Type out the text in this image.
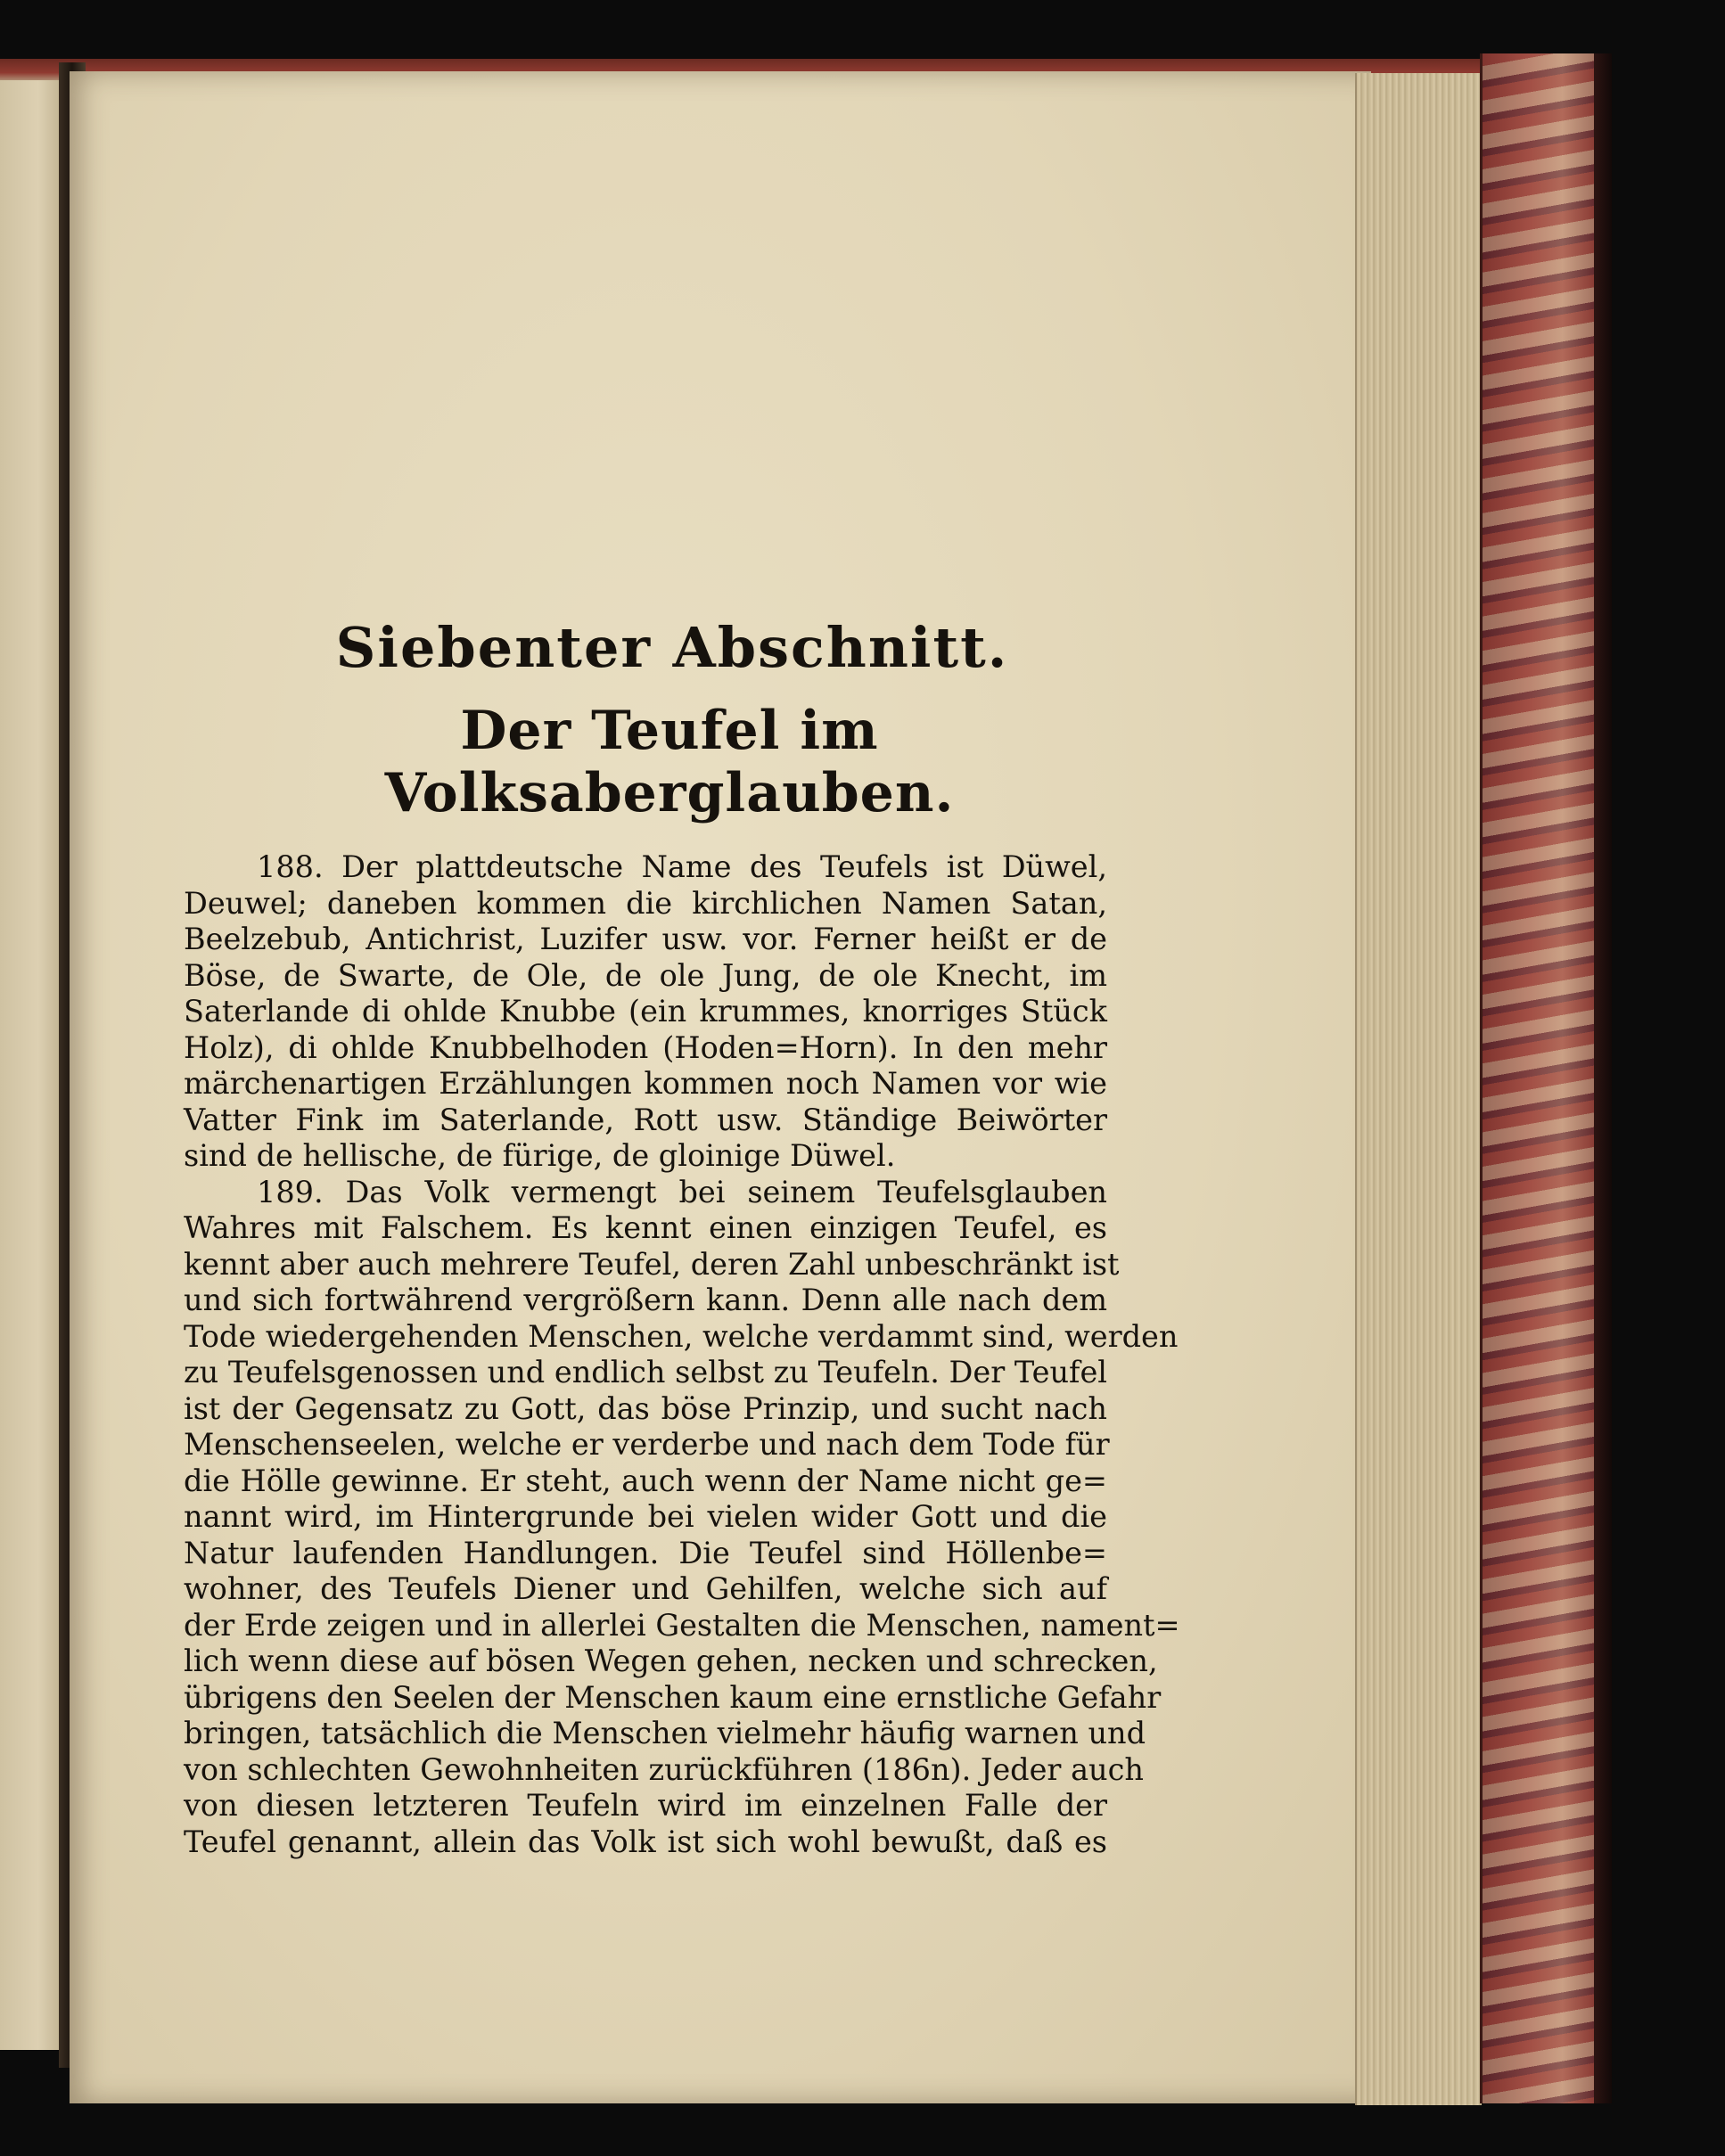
Siebenter Abschnitt.
Der Teufel im Volksaberglauben.
188. Der plattdeutsche Name des Teufels ist Düwel,
Deuwel; daneben kommen die kirchlichen Namen Satan,
Beelzebub, Antichrist, Luzifer usw. vor. Ferner heißt er de
Böse, de Swarte, de Ole, de ole Jung, de ole Knecht, im
Saterlande di ohlde Knubbe (ein krummes, knorriges Stück
Holz), di ohlde Knubbelhoden (Hoden=Horn). In den mehr
märchenartigen Erzählungen kommen noch Namen vor wie
Vatter Fink im Saterlande, Rott usw. Ständige Beiwörter
sind de hellische, de fürige, de gloinige Düwel.
189. Das Volk vermengt bei seinem Teufelsglauben
Wahres mit Falschem. Es kennt einen einzigen Teufel, es
kennt aber auch mehrere Teufel, deren Zahl unbeschränkt ist
und sich fortwährend vergrößern kann. Denn alle nach dem
Tode wiedergehenden Menschen, welche verdammt sind, werden
zu Teufelsgenossen und endlich selbst zu Teufeln. Der Teufel
ist der Gegensatz zu Gott, das böse Prinzip, und sucht nach
Menschenseelen, welche er verderbe und nach dem Tode für
die Hölle gewinne. Er steht, auch wenn der Name nicht ge=
nannt wird, im Hintergrunde bei vielen wider Gott und die
Natur laufenden Handlungen. Die Teufel sind Höllenbe=
wohner, des Teufels Diener und Gehilfen, welche sich auf
der Erde zeigen und in allerlei Gestalten die Menschen, nament=
lich wenn diese auf bösen Wegen gehen, necken und schrecken,
übrigens den Seelen der Menschen kaum eine ernstliche Gefahr
bringen, tatsächlich die Menschen vielmehr häufig warnen und
von schlechten Gewohnheiten zurückführen (186n). Jeder auch
von diesen letzteren Teufeln wird im einzelnen Falle der
Teufel genannt, allein das Volk ist sich wohl bewußt, daß es
